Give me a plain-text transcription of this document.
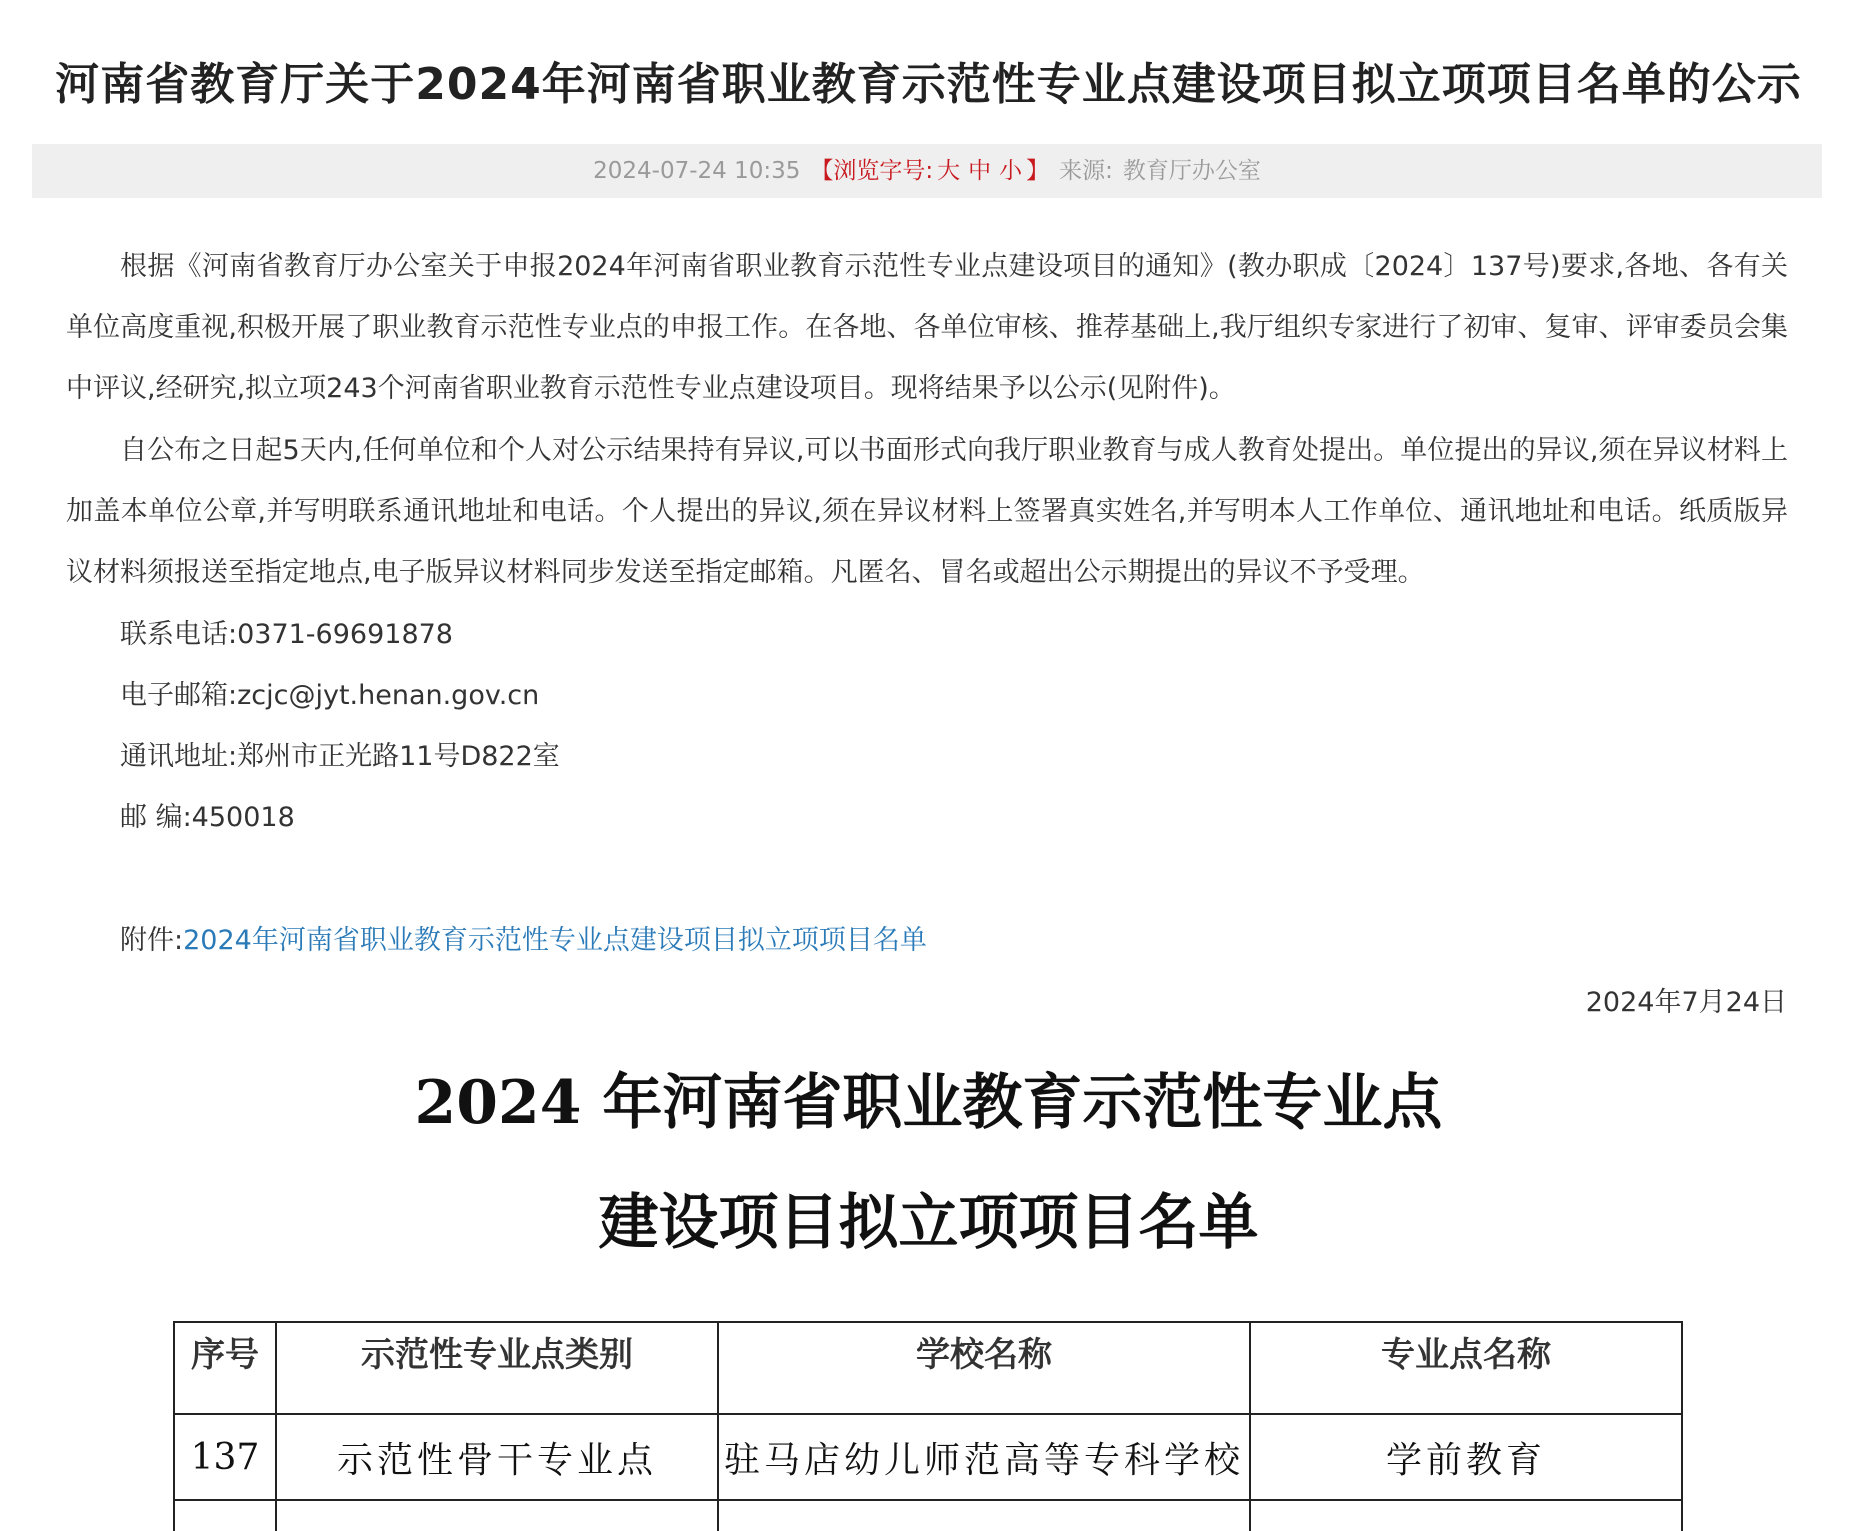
河南省教育厅关于2024年河南省职业教育示范性专业点建设项目拟立项项目名单的公示
2024-07-24 10:35 【浏览字号: 大 中 小 】 来源: 教育厅办公室
根据《河南省教育厅办公室关于申报2024年河南省职业教育示范性专业点建设项目的通知》(教办职成〔2024〕137号)要求,各地、各有关单位高度重视,积极开展了职业教育示范性专业点的申报工作。在各地、各单位审核、推荐基础上,我厅组织专家进行了初审、复审、评审委员会集中评议,经研究,拟立项243个河南省职业教育示范性专业点建设项目。现将结果予以公示(见附件)。
自公布之日起5天内,任何单位和个人对公示结果持有异议,可以书面形式向我厅职业教育与成人教育处提出。单位提出的异议,须在异议材料上加盖本单位公章,并写明联系通讯地址和电话。个人提出的异议,须在异议材料上签署真实姓名,并写明本人工作单位、通讯地址和电话。纸质版异议材料须报送至指定地点,电子版异议材料同步发送至指定邮箱。凡匿名、冒名或超出公示期提出的异议不予受理。
联系电话:0371-69691878
电子邮箱:zcjc@jyt.henan.gov.cn
通讯地址:郑州市正光路11号D822室
邮 编:450018
附件:2024年河南省职业教育示范性专业点建设项目拟立项项目名单
2024年7月24日
2024 年河南省职业教育示范性专业点
建设项目拟立项项目名单
序号	示范性专业点类别	学校名称	专业点名称
137	示范性骨干专业点	驻马店幼儿师范高等专科学校	学前教育
